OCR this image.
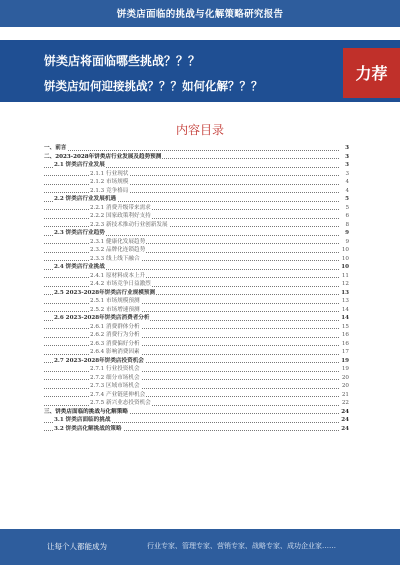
饼类店面临的挑战与化解策略研究报告
饼类店将面临哪些挑战？？？
饼类店如何迎接挑战？？？如何化解？？？
力荐
内容目录
一、前言	3
二、2023-2028年饼类店行业发展及趋势预测	3
2.1 饼类店行业发展	3
2.1.1 行业现状	3
2.1.2 市场规模	4
2.1.3 竞争格局	4
2.2 饼类店行业发展机遇	5
2.2.1 消费升级带来需求	5
2.2.2 国家政策利好支持	6
2.2.3 新技术推动行业创新发展	8
2.3 饼类店行业趋势	9
2.3.1 健康化发展趋势	9
2.3.2 品牌化连锁趋势	10
2.3.3 线上线下融合	10
2.4 饼类店行业挑战	10
2.4.1 原材料成本上升	11
2.4.2 市场竞争日益激烈	12
2.5 2023-2028年饼类店行业规模预测	13
2.5.1 市场规模预测	13
2.5.2 市场增速预测	14
2.6 2023-2028年饼类店消费者分析	14
2.6.1 消费群体分析	15
2.6.2 消费行为分析	16
2.6.3 消费偏好分析	16
2.6.4 影响消费因素	17
2.7 2023-2028年饼类店投资机会	19
2.7.1 行业投资机会	19
2.7.2 细分市场机会	20
2.7.3 区域市场机会	20
2.7.4 产业链延伸机会	21
2.7.5 新兴业态投资机会	22
三、饼类店面临的挑战与化解策略	24
3.1 饼类店面临的挑战	24
3.2 饼类店化解挑战的策略	24
让每个人都能成为	行业专家、管理专家、营销专家、战略专家、成功企业家……
